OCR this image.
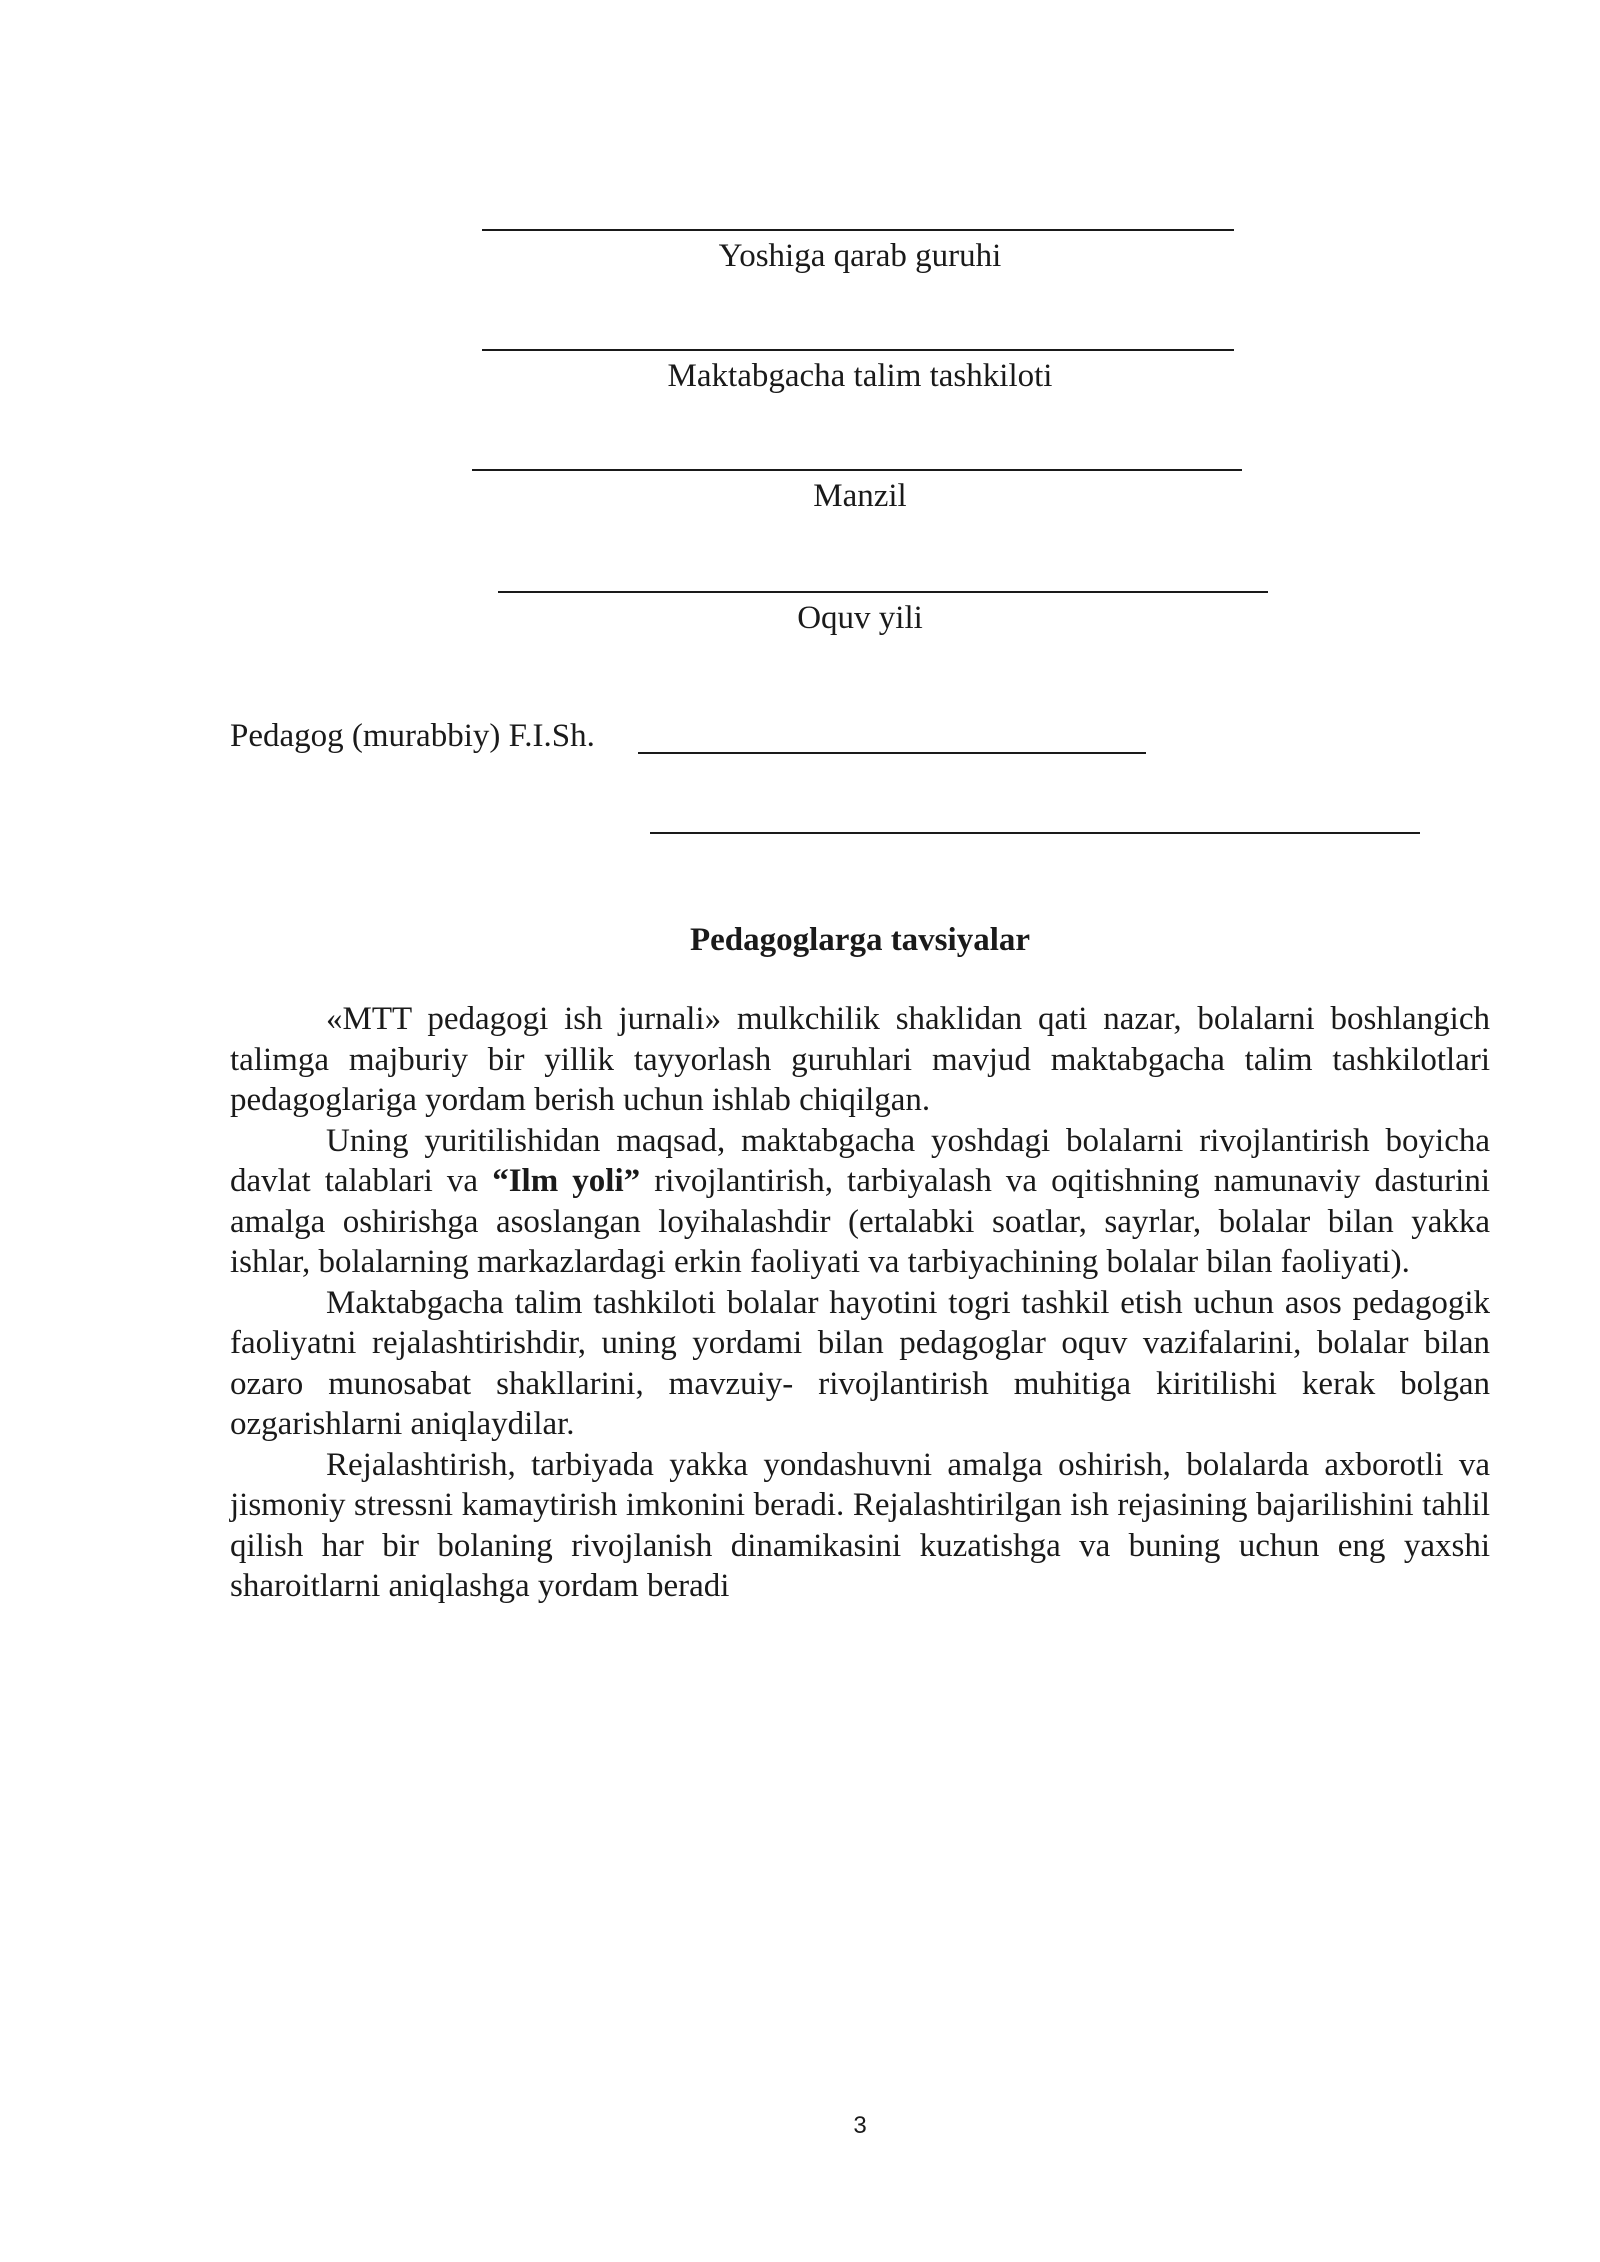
Yoshiga qarab guruhi
Maktabgacha talim tashkiloti
Manzil
Oquv yili
Pedagog (murabbiy) F.I.Sh.
Pedagoglarga tavsiyalar

«MTT pedagogi ish jurnali» mulkchilik shaklidan qati nazar, bolalarni boshlangich talimga majburiy bir yillik tayyorlash guruhlari mavjud maktabgacha talim tashkilotlari pedagoglariga yordam berish uchun ishlab chiqilgan.

Uning yuritilishidan maqsad, maktabgacha yoshdagi bolalarni rivojlantirish boyicha davlat talablari va “Ilm yoli” rivojlantirish, tarbiyalash va oqitishning namunaviy dasturini amalga oshirishga asoslangan loyihalashdir (ertalabki soatlar, sayrlar, bolalar bilan yakka ishlar, bolalarning markazlardagi erkin faoliyati va tarbiyachining bolalar bilan faoliyati).

Maktabgacha talim tashkiloti bolalar hayotini togri tashkil etish uchun asos pedagogik faoliyatni rejalashtirishdir, uning yordami bilan pedagoglar oquv vazifalarini, bolalar bilan ozaro munosabat shakllarini, mavzuiy- rivojlantirish muhitiga kiritilishi kerak bolgan ozgarishlarni aniqlaydilar.

Rejalashtirish, tarbiyada yakka yondashuvni amalga oshirish, bolalarda axborotli va jismoniy stressni kamaytirish imkonini beradi. Rejalashtirilgan ish rejasining bajarilishini tahlil qilish har bir bolaning rivojlanish dinamikasini kuzatishga va buning uchun eng yaxshi sharoitlarni aniqlashga yordam beradi

3
